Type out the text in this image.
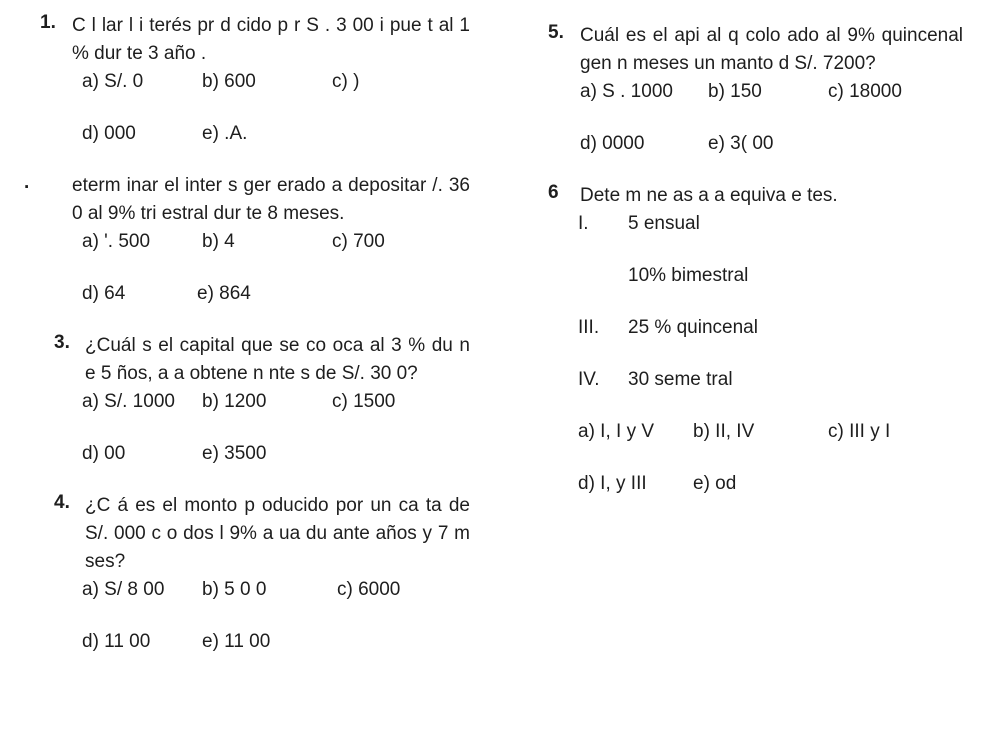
1. C l lar l i terés pr d cido p r S . 3 00 i pue t al 1 % dur te 3 año .
a) S/. 0	b) 600	c) )
d) 000	e) .A.
. eterm inar el inter s ger erado a depositar /. 36 0 al 9% tri estral dur te 8 meses.
a) '. 500	b) 4	c) 700
d) 64	e) 864
3. ¿Cuál s el capital que se co oca al 3 % du n e 5 ños, a a obtene n nte s de S/. 30 0?
a) S/. 1000 b) 1200	c) 1500
d) 00	e) 3500
4. ¿C á es el monto p oducido por un ca ta de S/. 000 c o dos l 9% a ua du ante años y 7 m ses?
a) S/ 8 00 b) 5 0 0	c) 6000
d) 11 00	e) 11 00
5. Cuál es el api al q colo ado al 9% quincenal gen n meses un manto d S/. 7200?
a) S . 1000 b) 150	c) 18000
d) 0000	e) 3( 00
6 Dete m ne as a a equiva e tes.
I. 5 ensual
10% bimestral
III. 25 % quincenal
IV. 30 seme tral
a) I, I y V b) II, IV	c) III y I
d) I, y III e) od
